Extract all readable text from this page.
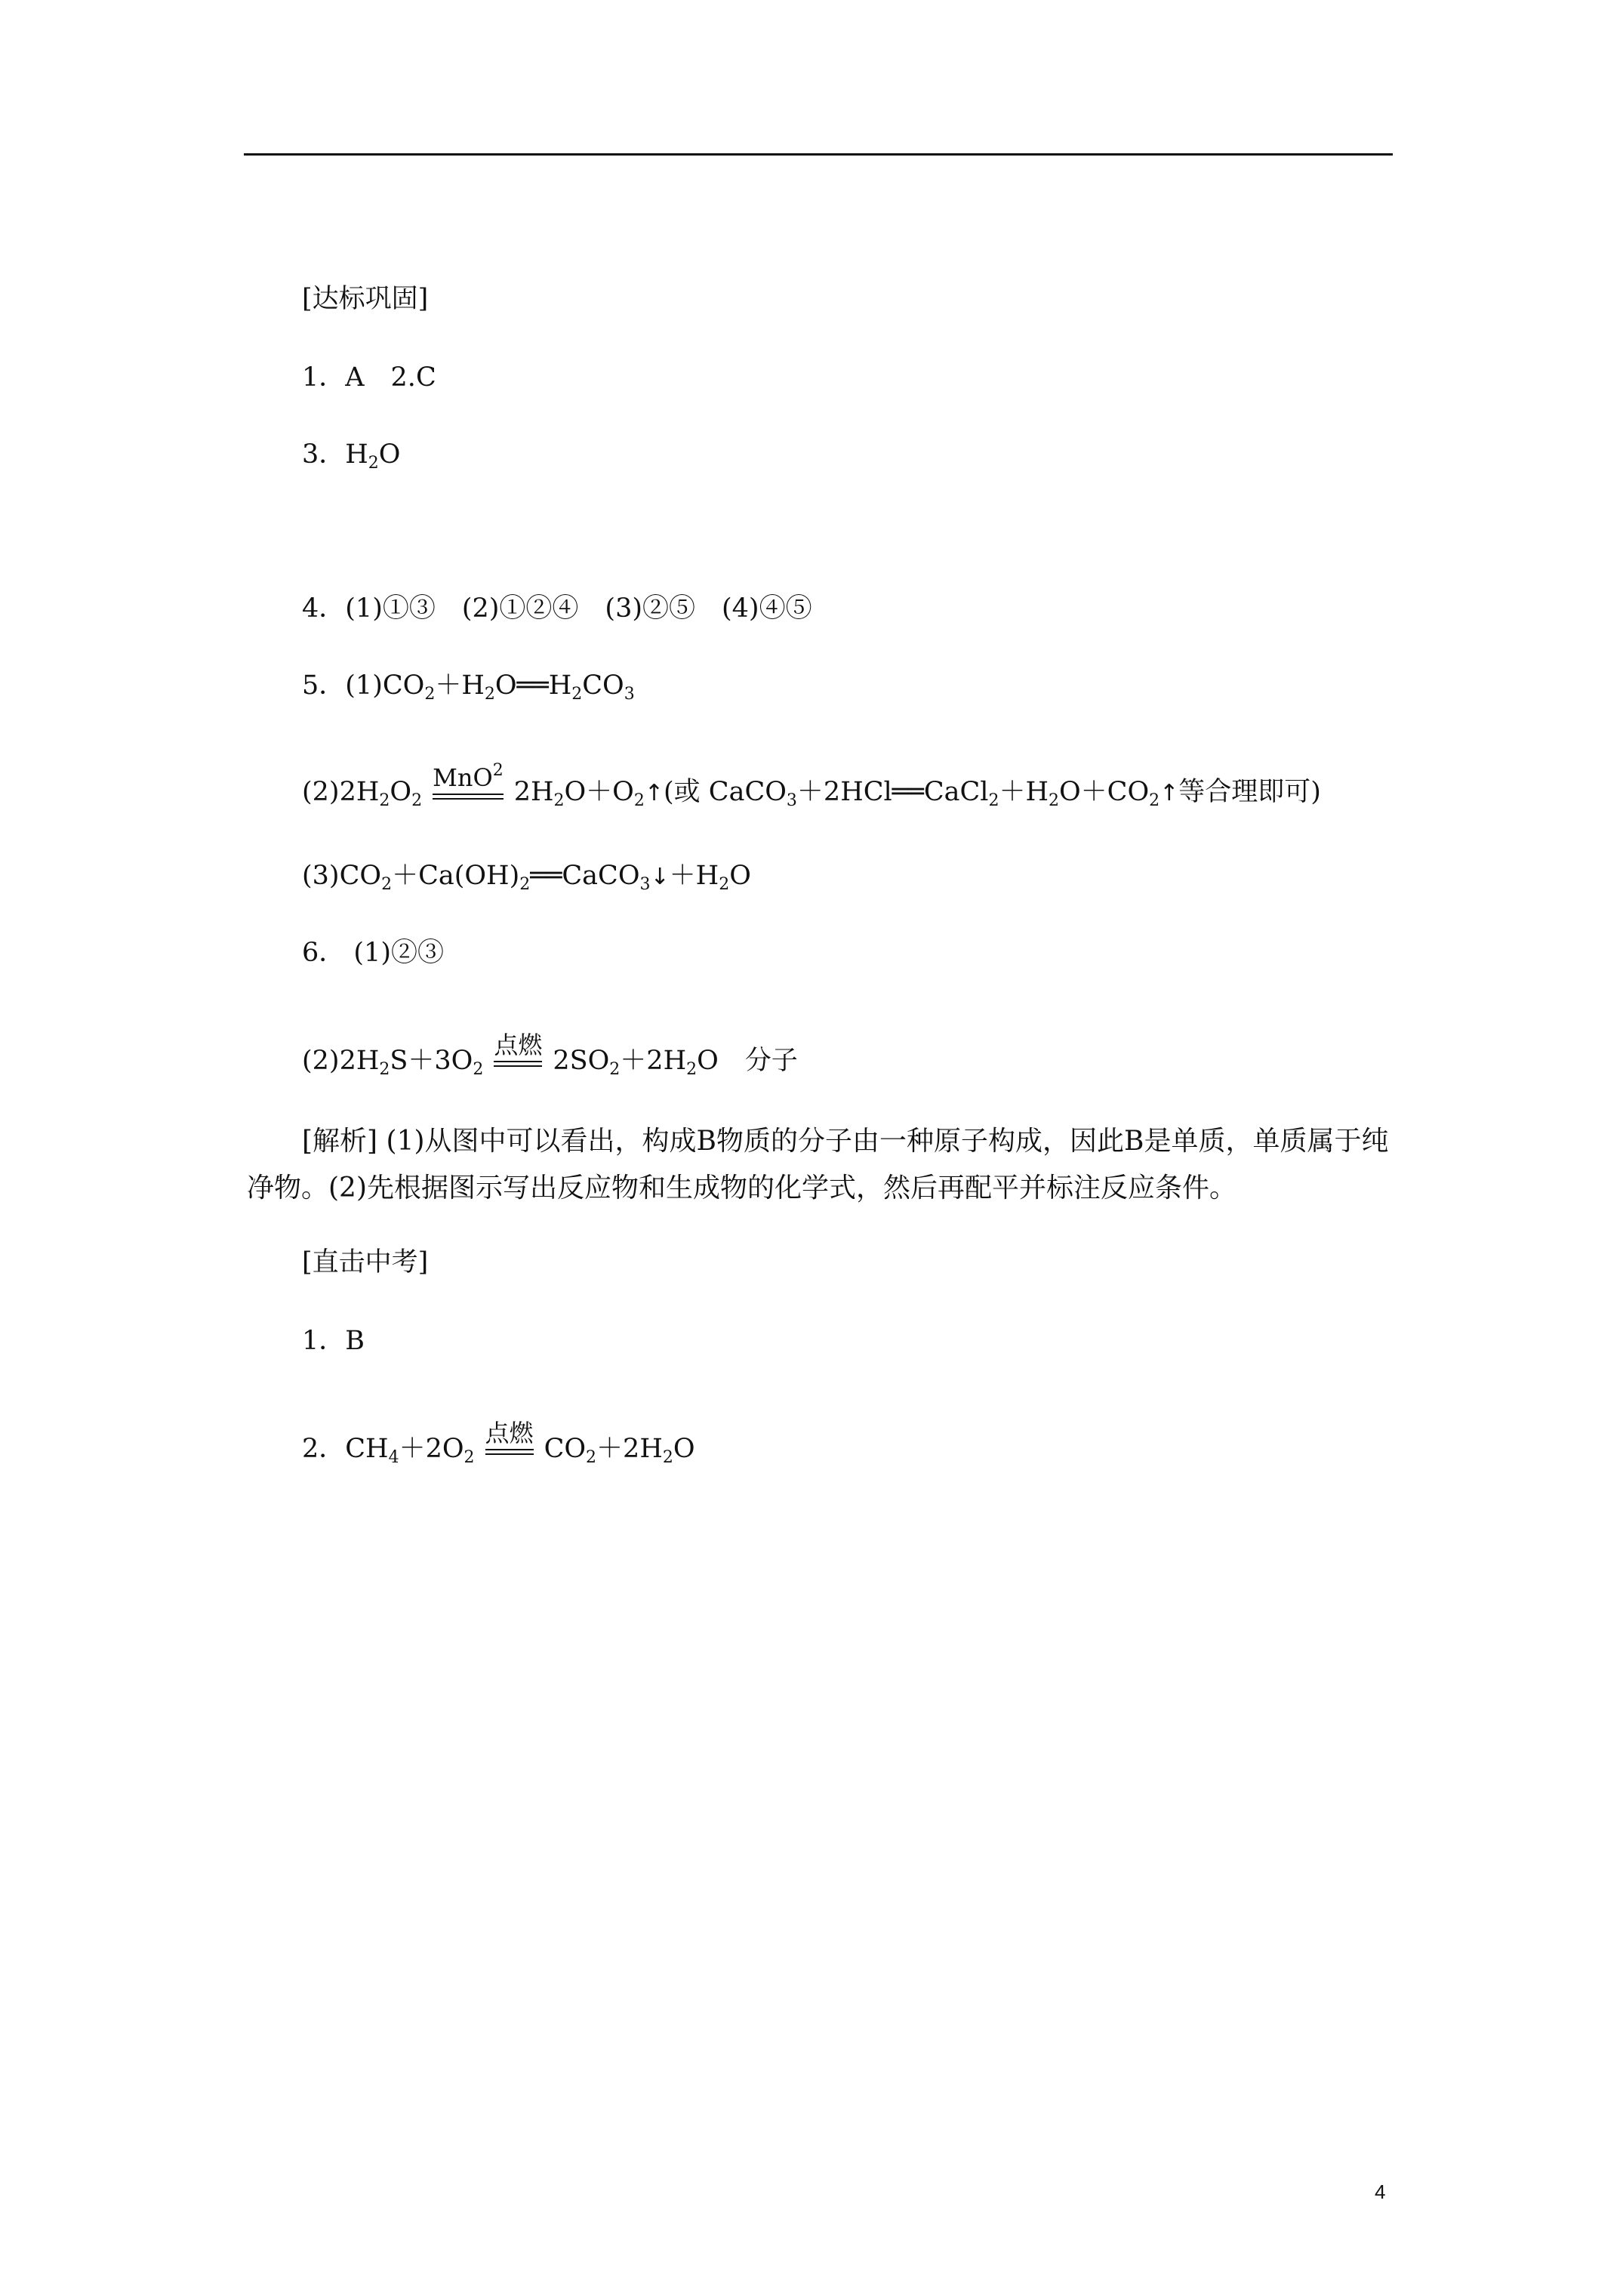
[达标巩固]
1．A　2.C
3．$H_2O$
4．(1)①③　(2)①②④　(3)②⑤　(4)④⑤
5．$(1)CO_2+H_2O══H_2CO_3$
$(2)2H_2O_2$
MnO$^2$
$2H_2O+O_2↑$(或 $CaCO_3+2HCl══CaCl_2+H_2O+CO_2↑$等合理即可)
$(3)CO_2+Ca(OH)_2══CaCO_3↓+H_2O$
6． (1)②③
$(2)2H_2S+3O_2$
点燃
$2SO_2+2H_2O$　分子
[解析] (1)从图中可以看出，构成B物质的分子由一种原子构成，因此B是单质，单质属于纯净物。(2)先根据图示写出反应物和生成物的化学式，然后再配平并标注反应条件。
[直击中考]
1．B
2．$CH_4+2O_2$
点燃
$CO_2+2H_2O$
4
